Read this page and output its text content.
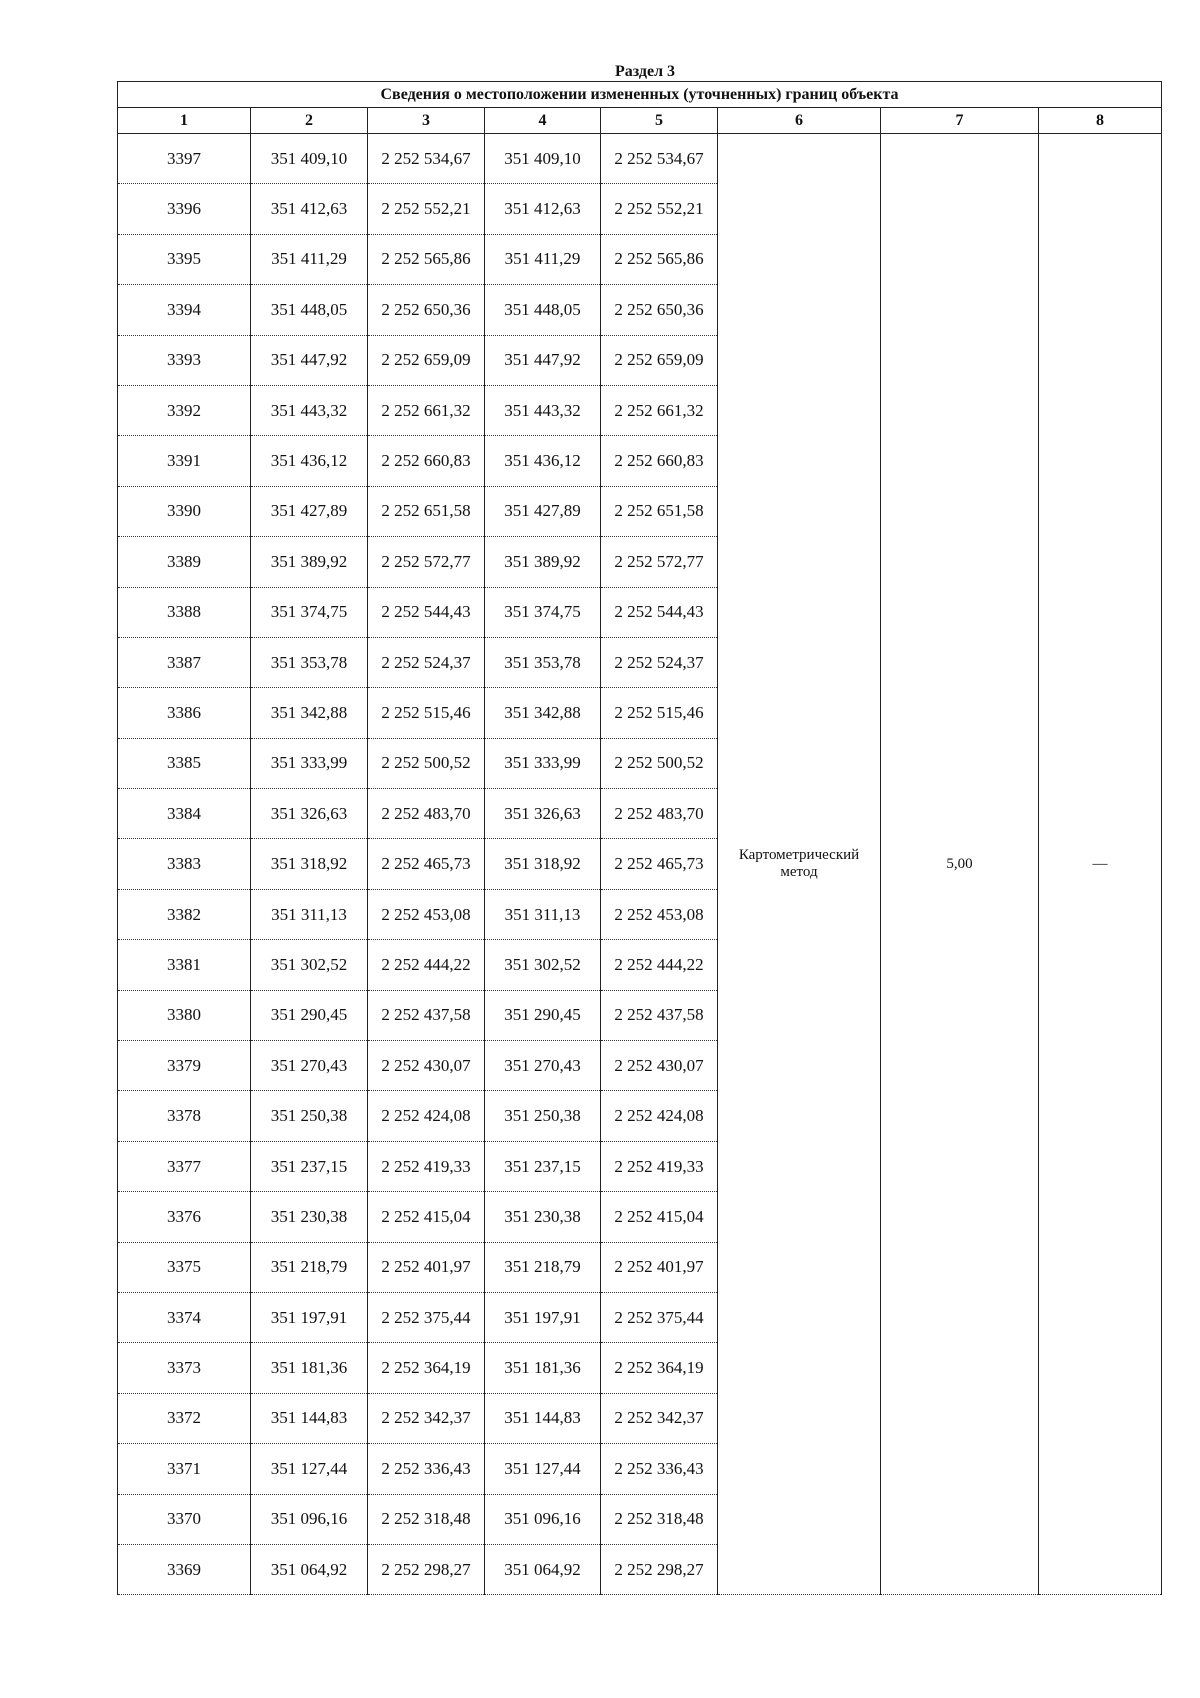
Раздел 3
Сведения о местоположении измененных (уточненных) границ объекта							
1	2	3	4	5	6	7	8
3397	351 409,10	2 252 534,67	351 409,10	2 252 534,67	Картометрический метод	5,00	—
3396	351 412,63	2 252 552,21	351 412,63	2 252 552,21			
3395	351 411,29	2 252 565,86	351 411,29	2 252 565,86			
3394	351 448,05	2 252 650,36	351 448,05	2 252 650,36			
3393	351 447,92	2 252 659,09	351 447,92	2 252 659,09			
3392	351 443,32	2 252 661,32	351 443,32	2 252 661,32			
3391	351 436,12	2 252 660,83	351 436,12	2 252 660,83			
3390	351 427,89	2 252 651,58	351 427,89	2 252 651,58			
3389	351 389,92	2 252 572,77	351 389,92	2 252 572,77			
3388	351 374,75	2 252 544,43	351 374,75	2 252 544,43			
3387	351 353,78	2 252 524,37	351 353,78	2 252 524,37			
3386	351 342,88	2 252 515,46	351 342,88	2 252 515,46			
3385	351 333,99	2 252 500,52	351 333,99	2 252 500,52			
3384	351 326,63	2 252 483,70	351 326,63	2 252 483,70			
3383	351 318,92	2 252 465,73	351 318,92	2 252 465,73			
3382	351 311,13	2 252 453,08	351 311,13	2 252 453,08			
3381	351 302,52	2 252 444,22	351 302,52	2 252 444,22			
3380	351 290,45	2 252 437,58	351 290,45	2 252 437,58			
3379	351 270,43	2 252 430,07	351 270,43	2 252 430,07			
3378	351 250,38	2 252 424,08	351 250,38	2 252 424,08			
3377	351 237,15	2 252 419,33	351 237,15	2 252 419,33			
3376	351 230,38	2 252 415,04	351 230,38	2 252 415,04			
3375	351 218,79	2 252 401,97	351 218,79	2 252 401,97			
3374	351 197,91	2 252 375,44	351 197,91	2 252 375,44			
3373	351 181,36	2 252 364,19	351 181,36	2 252 364,19			
3372	351 144,83	2 252 342,37	351 144,83	2 252 342,37			
3371	351 127,44	2 252 336,43	351 127,44	2 252 336,43			
3370	351 096,16	2 252 318,48	351 096,16	2 252 318,48			
3369	351 064,92	2 252 298,27	351 064,92	2 252 298,27			
